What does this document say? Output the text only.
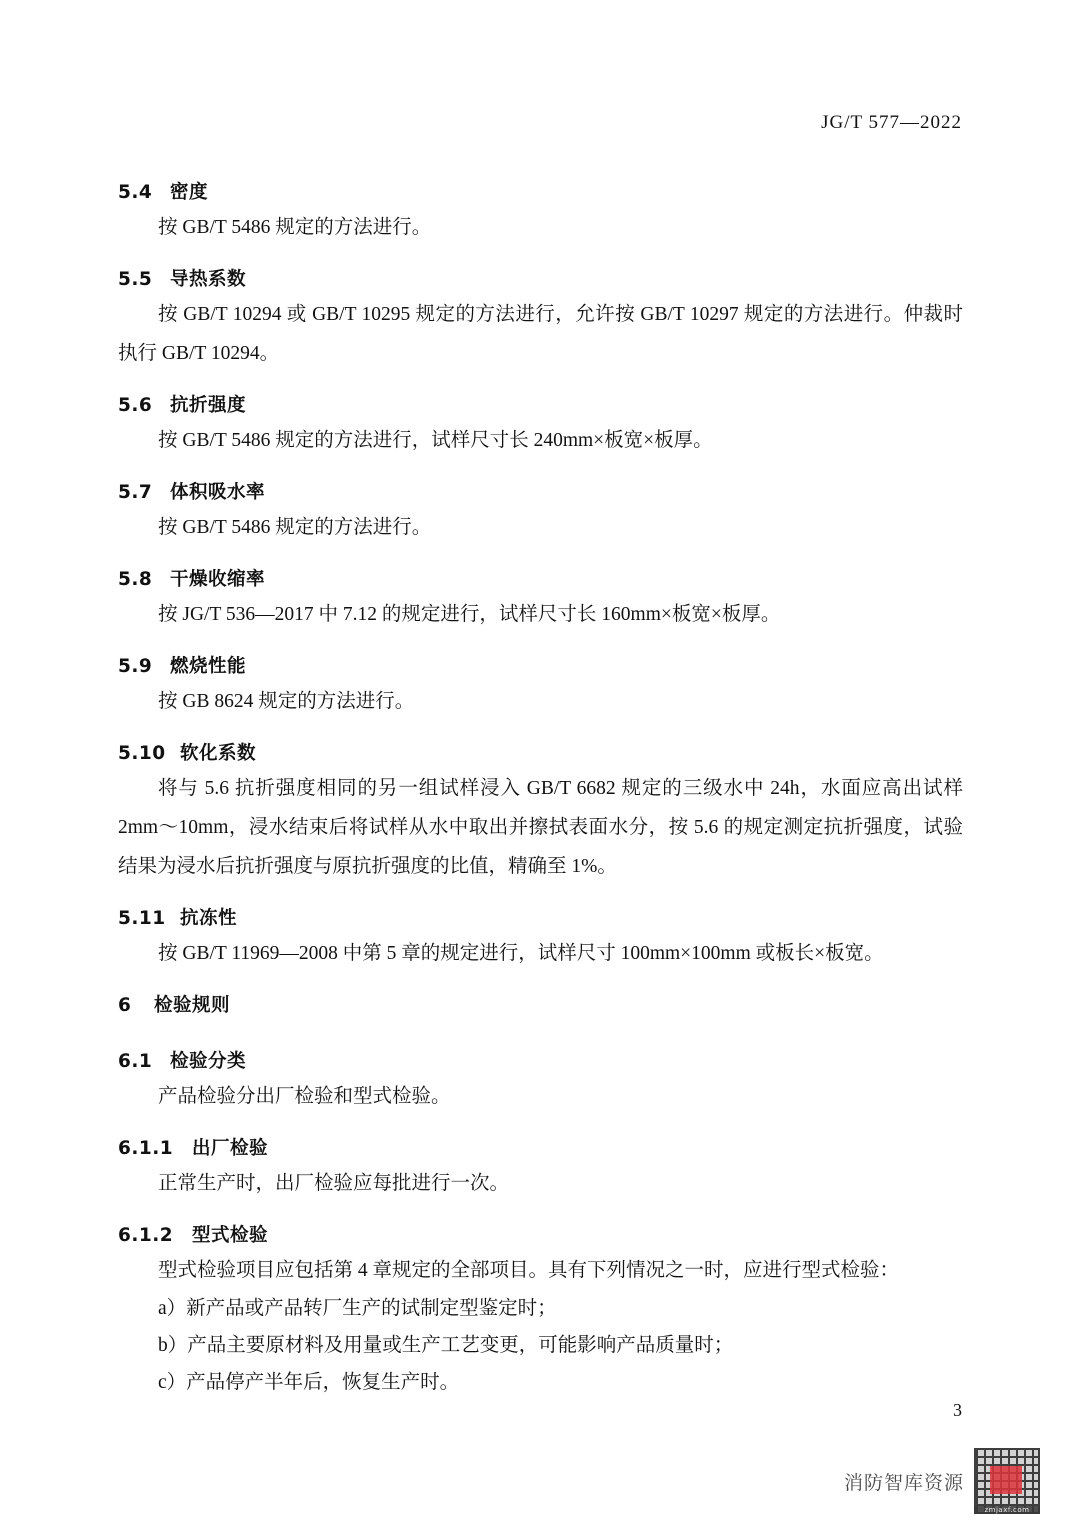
JG/T 577—2022
5.4 密度

按 GB/T 5486 规定的方法进行。

5.5 导热系数

按 GB/T 10294 或 GB/T 10295 规定的方法进行，允许按 GB/T 10297 规定的方法进行。仲裁时执行 GB/T 10294。

5.6 抗折强度

按 GB/T 5486 规定的方法进行，试样尺寸长 240mm×板宽×板厚。

5.7 体积吸水率

按 GB/T 5486 规定的方法进行。

5.8 干燥收缩率

按 JG/T 536—2017 中 7.12 的规定进行，试样尺寸长 160mm×板宽×板厚。

5.9 燃烧性能

按 GB 8624 规定的方法进行。

5.10 软化系数

将与 5.6 抗折强度相同的另一组试样浸入 GB/T 6682 规定的三级水中 24h，水面应高出试样 2mm～10mm，浸水结束后将试样从水中取出并擦拭表面水分，按 5.6 的规定测定抗折强度，试验结果为浸水后抗折强度与原抗折强度的比值，精确至 1%。

5.11 抗冻性

按 GB/T 11969—2008 中第 5 章的规定进行，试样尺寸 100mm×100mm 或板长×板宽。

6 检验规则
6.1 检验分类

产品检验分出厂检验和型式检验。

6.1.1 出厂检验

正常生产时，出厂检验应每批进行一次。

6.1.2 型式检验

型式检验项目应包括第 4 章规定的全部项目。具有下列情况之一时，应进行型式检验：

a）新产品或产品转厂生产的试制定型鉴定时；

b）产品主要原材料及用量或生产工艺变更，可能影响产品质量时；

c）产品停产半年后，恢复生产时。

3
消防智库资源
zmjaxf.com
